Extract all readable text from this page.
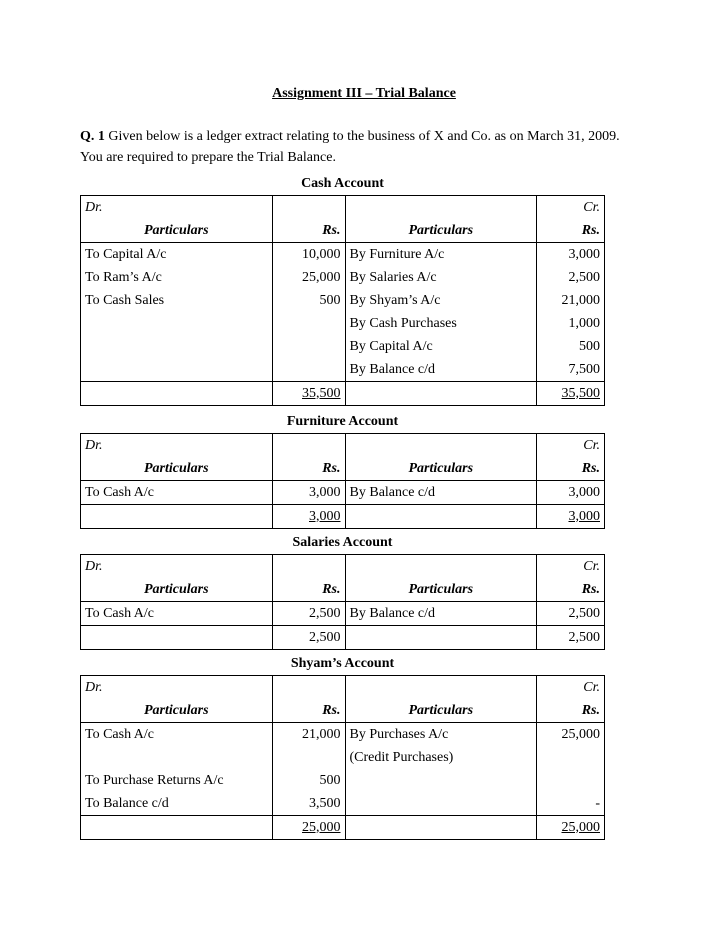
Assignment III – Trial Balance
Q. 1 Given below is a ledger extract relating to the business of X and Co. as on March 31, 2009.
You are required to prepare the Trial Balance.
Cash Account			
Dr.			Cr.
Particulars	Rs.	Particulars	Rs.
To Capital A/c	10,000	By Furniture A/c	3,000
To Ram’s A/c	25,000	By Salaries A/c	2,500
To Cash Sales	500	By Shyam’s A/c	21,000
		By Cash Purchases	1,000
		By Capital A/c	500
		By Balance c/d	7,500
	35,500		35,500
Furniture Account			
Dr.			Cr.
Particulars	Rs.	Particulars	Rs.
To Cash A/c	3,000	By Balance c/d	3,000
	3,000		3,000
Salaries Account			
Dr.			Cr.
Particulars	Rs.	Particulars	Rs.
To Cash A/c	2,500	By Balance c/d	2,500
	2,500		2,500
Shyam’s Account			
Dr.			Cr.
Particulars	Rs.	Particulars	Rs.
To Cash A/c	21,000	By Purchases A/c	25,000
		(Credit Purchases)	
To Purchase Returns A/c	500		
To Balance c/d	3,500		-
	25,000		25,000
